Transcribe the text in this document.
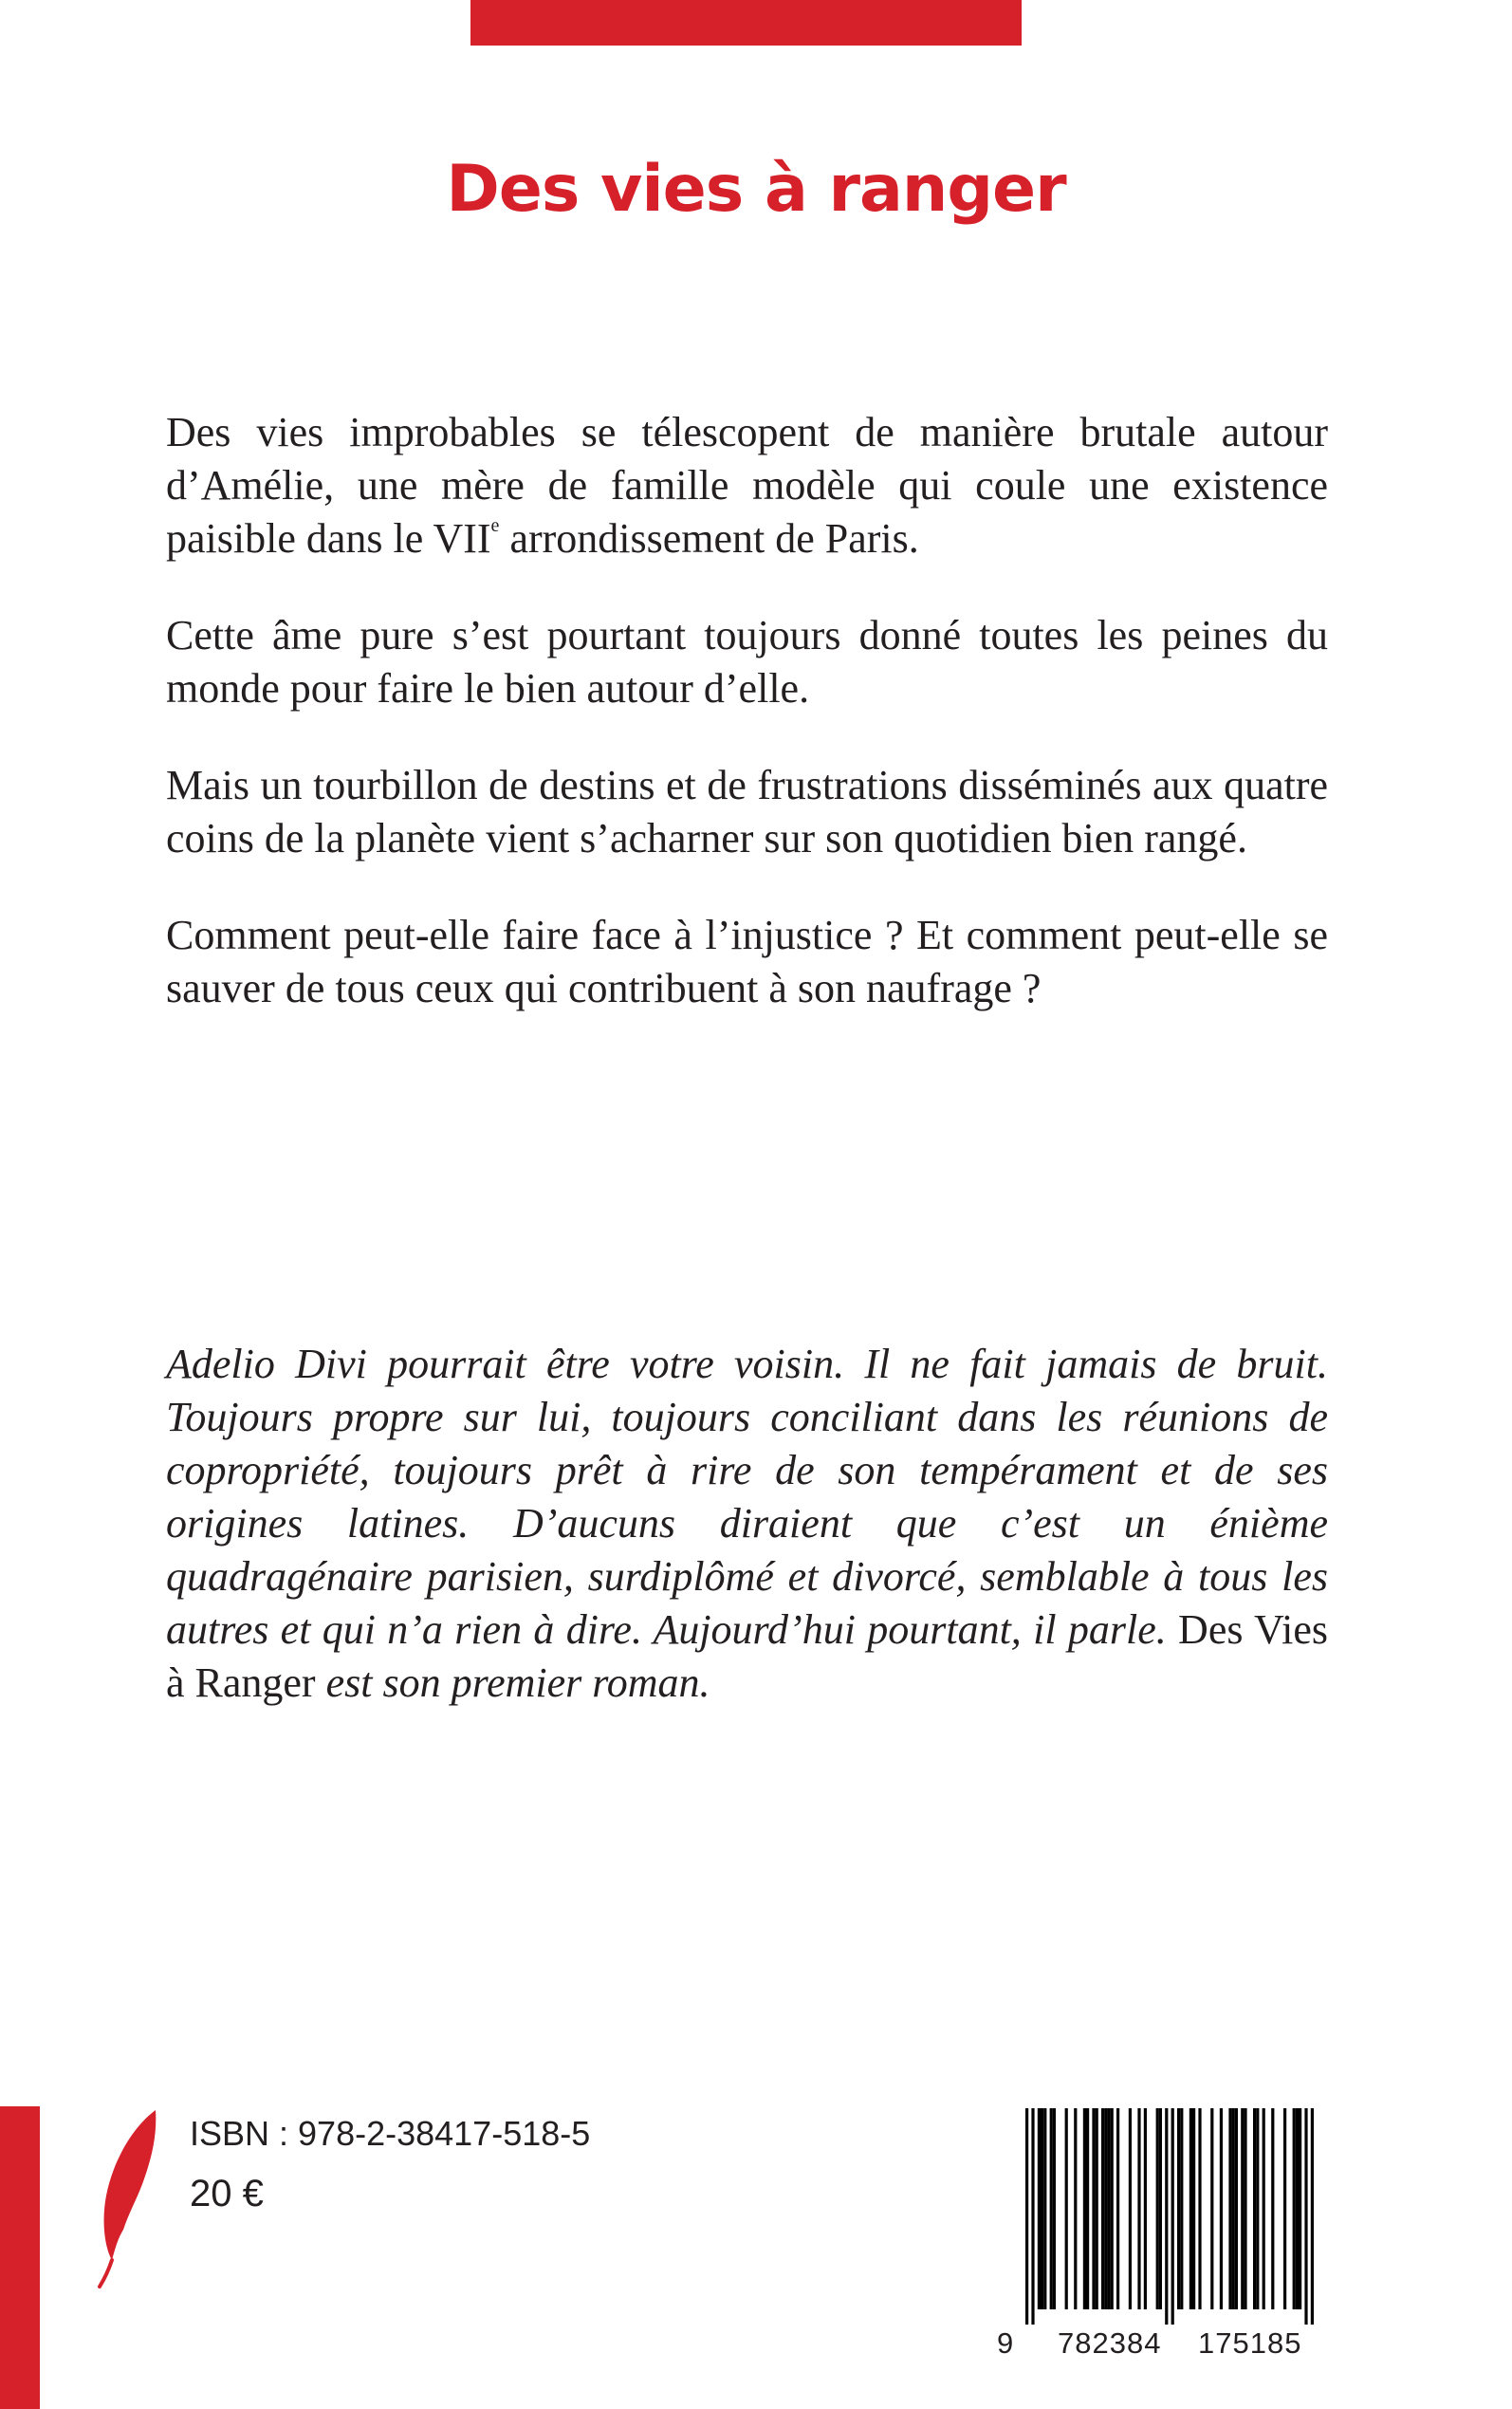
Des vies à ranger

Des vies improbables se télescopent de manière brutale autour d’Amélie, une mère de famille modèle qui coule une existence paisible dans le VIIe arrondissement de Paris.

Cette âme pure s’est pourtant toujours donné toutes les peines du monde pour faire le bien autour d’elle.

Mais un tourbillon de destins et de frustrations disséminés aux quatre coins de la planète vient s’acharner sur son quotidien bien rangé.

Comment peut-elle faire face à l’injustice ? Et comment peut-elle se sauver de tous ceux qui contribuent à son naufrage ?

Adelio Divi pourrait être votre voisin. Il ne fait jamais de bruit. Toujours propre sur lui, toujours conciliant dans les réunions de copropriété, toujours prêt à rire de son tempérament et de ses origines latines. D’aucuns diraient que c’est un énième quadragénaire parisien, surdiplômé et divorcé, semblable à tous les autres et qui n’a rien à dire. Aujourd’hui pourtant, il parle. Des Vies à Ranger est son premier roman.

ISBN : 978-2-38417-518-5

20 €

9 782384 175185
